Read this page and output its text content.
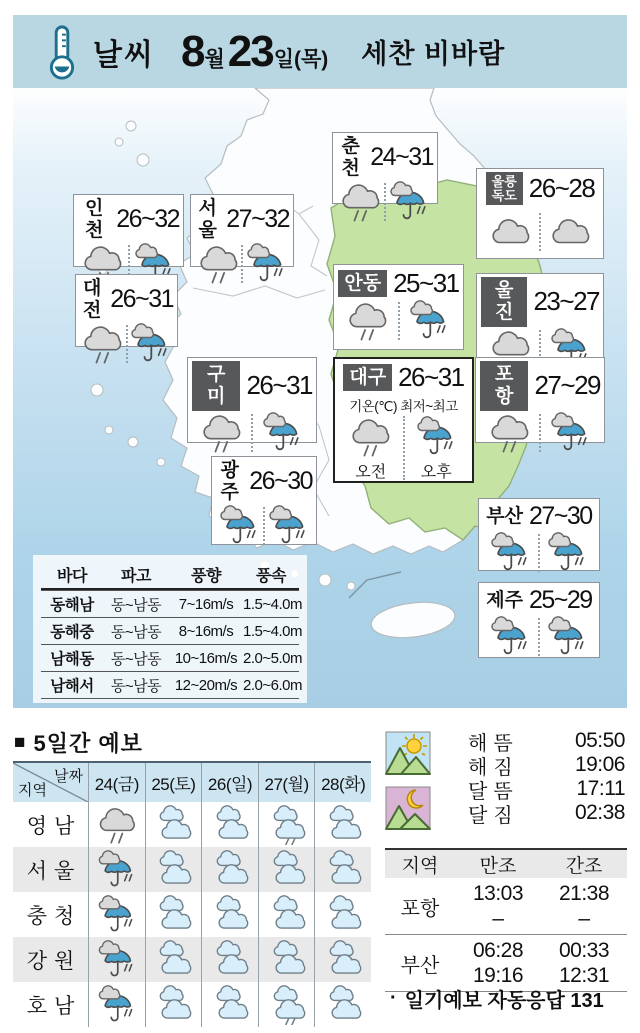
날씨 8 월 23 일(목) 세찬 비바람
춘천 24~31
인천 26~32 서울 27~32
울릉
독도 26~28
대전 26~31
안동 25~31	울진 23~27
구미 26~31	포항 27~29
광주 26~30
부산 27~30
제주 25~29
대구 26~31
기온(℃) 최저~최고
오전 오후
바다	파고	풍향	풍속
동해남	동~남동	7~16m/s 1.5~4.0m
동해중	동~남동	8~16m/s 1.5~4.0m
남해동	동~남동 10~16m/s 2.0~5.0m
남해서	동~남동 12~20m/s 2.0~6.0m
■ 5일간 예보
날짜
지역	24(금) 25(토) 26(일) 27(월) 28(화)
영남
서울
충청
강원
호남
해뜸	05:50
해짐	19:06
달뜸	17:11
달짐	02:38
지역	만조	간조
포항
13:03	21:38
–	–
부산
06:28	00:33
19:16	12:31
· 일기예보 자동응답 131
